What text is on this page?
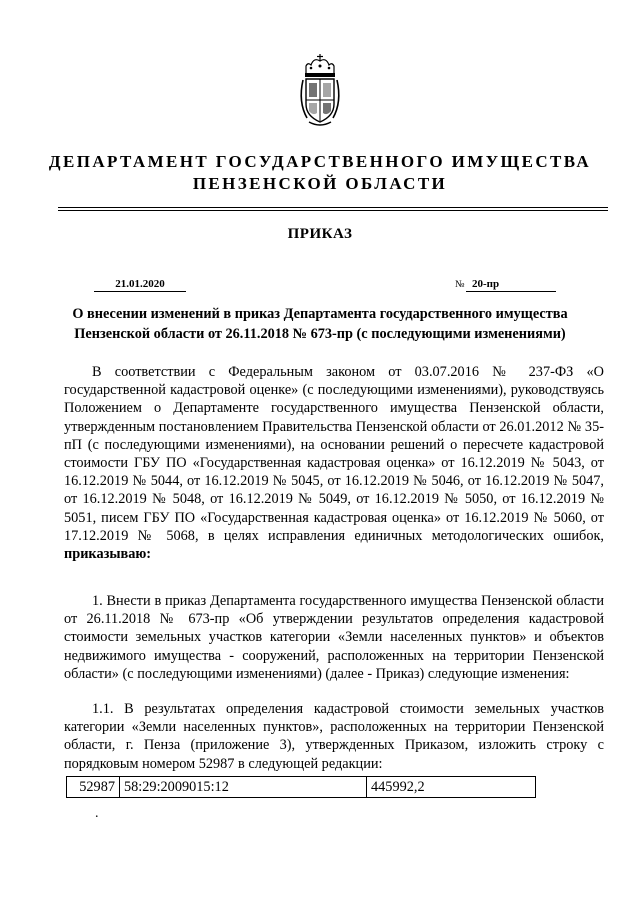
ДЕПАРТАМЕНТ ГОСУДАРСТВЕННОГО ИМУЩЕСТВА
ПЕНЗЕНСКОЙ ОБЛАСТИ
ПРИКАЗ
21.01.2020	№ 20-пр
О внесении изменений в приказ Департамента государственного имущества Пензенской области от 26.11.2018 № 673-пр (с последующими изменениями)
В соответствии с Федеральным законом от 03.07.2016 № 237-ФЗ «О государственной кадастровой оценке» (с последующими изменениями), руководствуясь Положением о Департаменте государственного имущества Пензенской области, утвержденным постановлением Правительства Пензенской области от 26.01.2012 № 35-пП (с последующими изменениями), на основании решений о пересчете кадастровой стоимости ГБУ ПО «Государственная кадастровая оценка» от 16.12.2019 № 5043, от 16.12.2019 № 5044, от 16.12.2019 № 5045, от 16.12.2019 № 5046, от 16.12.2019 № 5047, от 16.12.2019 № 5048, от 16.12.2019 № 5049, от 16.12.2019 № 5050, от 16.12.2019 № 5051, писем ГБУ ПО «Государственная кадастровая оценка» от 16.12.2019 № 5060, от 17.12.2019 № 5068, в целях исправления единичных методологических ошибок, приказываю:
1. Внести в приказ Департамента государственного имущества Пензенской области от 26.11.2018 № 673-пр «Об утверждении результатов определения кадастровой стоимости земельных участков категории «Земли населенных пунктов» и объектов недвижимого имущества - сооружений, расположенных на территории Пензенской области» (с последующими изменениями) (далее - Приказ) следующие изменения:
1.1. В результатах определения кадастровой стоимости земельных участков категории «Земли населенных пунктов», расположенных на территории Пензенской области, г. Пенза (приложение 3), утвержденных Приказом, изложить строку с порядковым номером 52987 в следующей редакции:
52987	58:29:2009015:12	445992,2
.
